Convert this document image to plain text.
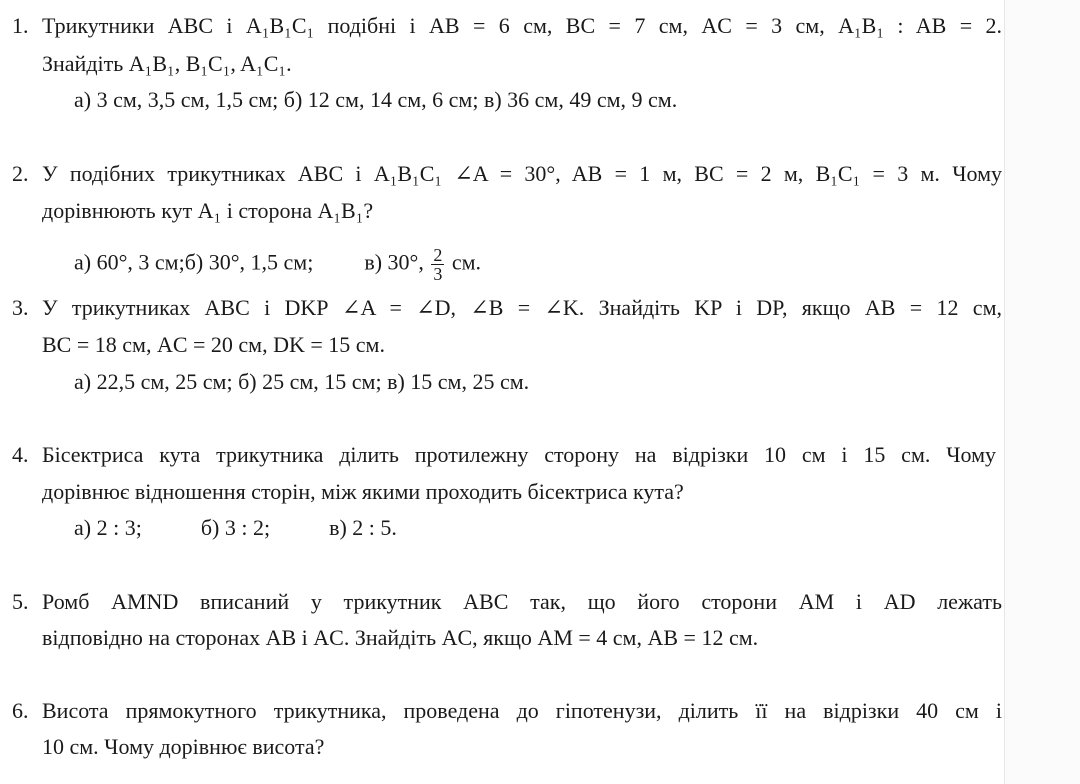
1. Трикутники ABC і A₁B₁C₁ подібні і AB = 6 см, BC = 7 см, AC = 3 см, A₁B₁ : AB = 2.
Знайдіть A₁B₁, B₁C₁, A₁C₁.
а) 3 см, 3,5 см, 1,5 см; б) 12 см, 14 см, 6 см; в) 36 см, 49 см, 9 см.
2. У подібних трикутниках ABC і A₁B₁C₁ ∠A = 30°, AB = 1 м, BC = 2 м, B₁C₁ = 3 м. Чому
дорівнюють кут A₁ і сторона A₁B₁?
а) 60°, 3 см;б) 30°, 1,5 см; в) 30°, $\frac{2}{3}$ см.
3. У трикутниках ABC і DKP ∠A = ∠D, ∠B = ∠K. Знайдіть KP і DP, якщо AB = 12 см,
BC = 18 см, AC = 20 см, DK = 15 см.
а) 22,5 см, 25 см; б) 25 см, 15 см; в) 15 см, 25 см.
4. Бісектриса кута трикутника ділить протилежну сторону на відрізки 10 см і 15 см. Чому
дорівнює відношення сторін, між якими проходить бісектриса кута?
а) 2 : 3;	б) 3 : 2;	в) 2 : 5.
5. Ромб AMND вписаний у трикутник ABC так, що його сторони AM і AD лежать
відповідно на сторонах AB і AC. Знайдіть AC, якщо AM = 4 см, AB = 12 см.
6. Висота прямокутного трикутника, проведена до гіпотенузи, ділить її на відрізки 40 см і
10 см. Чому дорівнює висота?
